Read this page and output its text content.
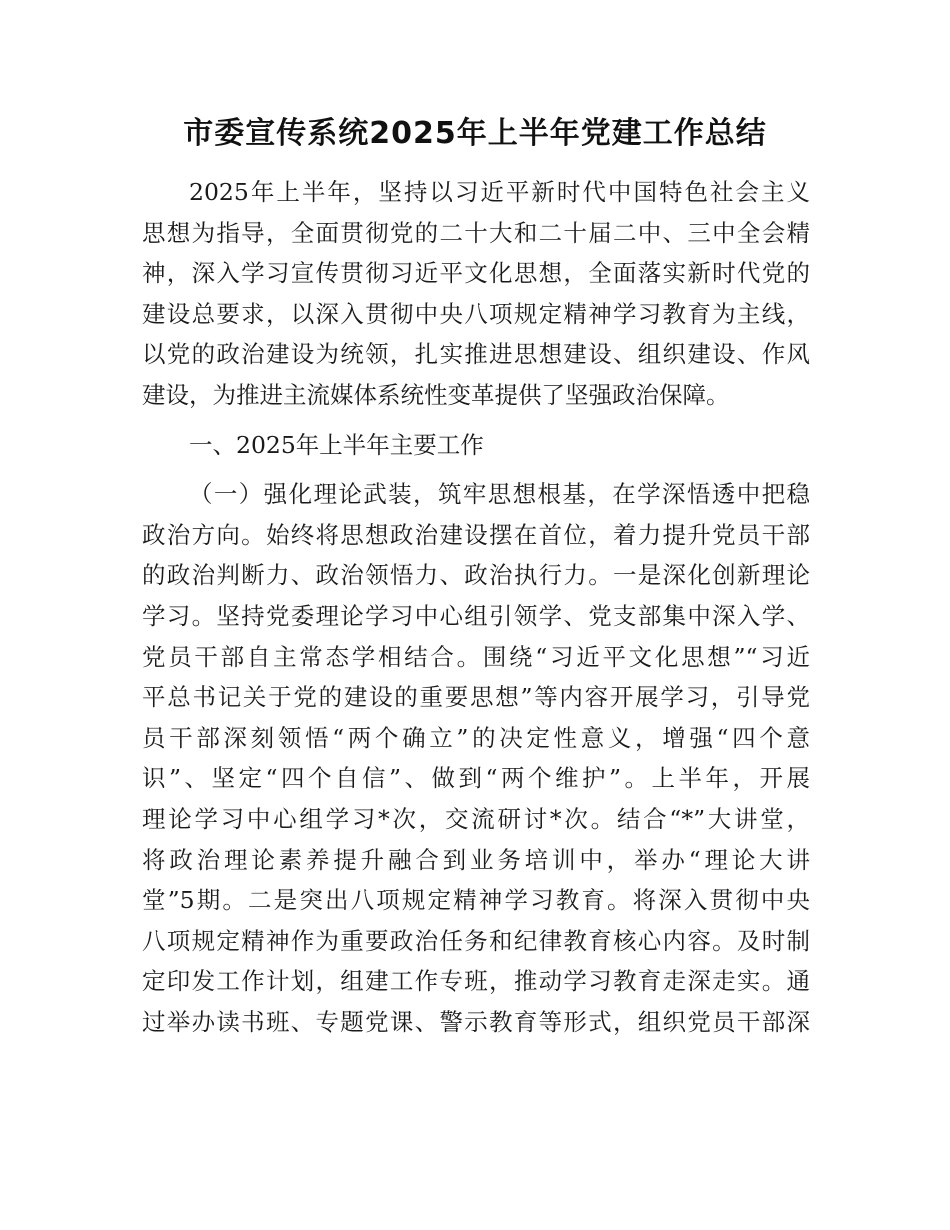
市委宣传系统2025年上半年党建工作总结
2025年上半年，坚持以习近平新时代中国特色社会主义
思想为指导，全面贯彻党的二十大和二十届二中、三中全会精
神，深入学习宣传贯彻习近平文化思想，全面落实新时代党的
建设总要求，以深入贯彻中央八项规定精神学习教育为主线，
以党的政治建设为统领，扎实推进思想建设、组织建设、作风
建设，为推进主流媒体系统性变革提供了坚强政治保障。
一、2025年上半年主要工作
（一）强化理论武装，筑牢思想根基，在学深悟透中把稳
政治方向。始终将思想政治建设摆在首位，着力提升党员干部
的政治判断力、政治领悟力、政治执行力。一是深化创新理论
学习。坚持党委理论学习中心组引领学、党支部集中深入学、
党员干部自主常态学相结合。围绕“习近平文化思想”“习近
平总书记关于党的建设的重要思想”等内容开展学习，引导党
员干部深刻领悟“两个确立”的决定性意义，增强“四个意
识”、坚定“四个自信”、做到“两个维护”。上半年，开展
理论学习中心组学习*次，交流研讨*次。结合“*”大讲堂，
将政治理论素养提升融合到业务培训中，举办“理论大讲
堂”5期。二是突出八项规定精神学习教育。将深入贯彻中央
八项规定精神作为重要政治任务和纪律教育核心内容。及时制
定印发工作计划，组建工作专班，推动学习教育走深走实。通
过举办读书班、专题党课、警示教育等形式，组织党员干部深
